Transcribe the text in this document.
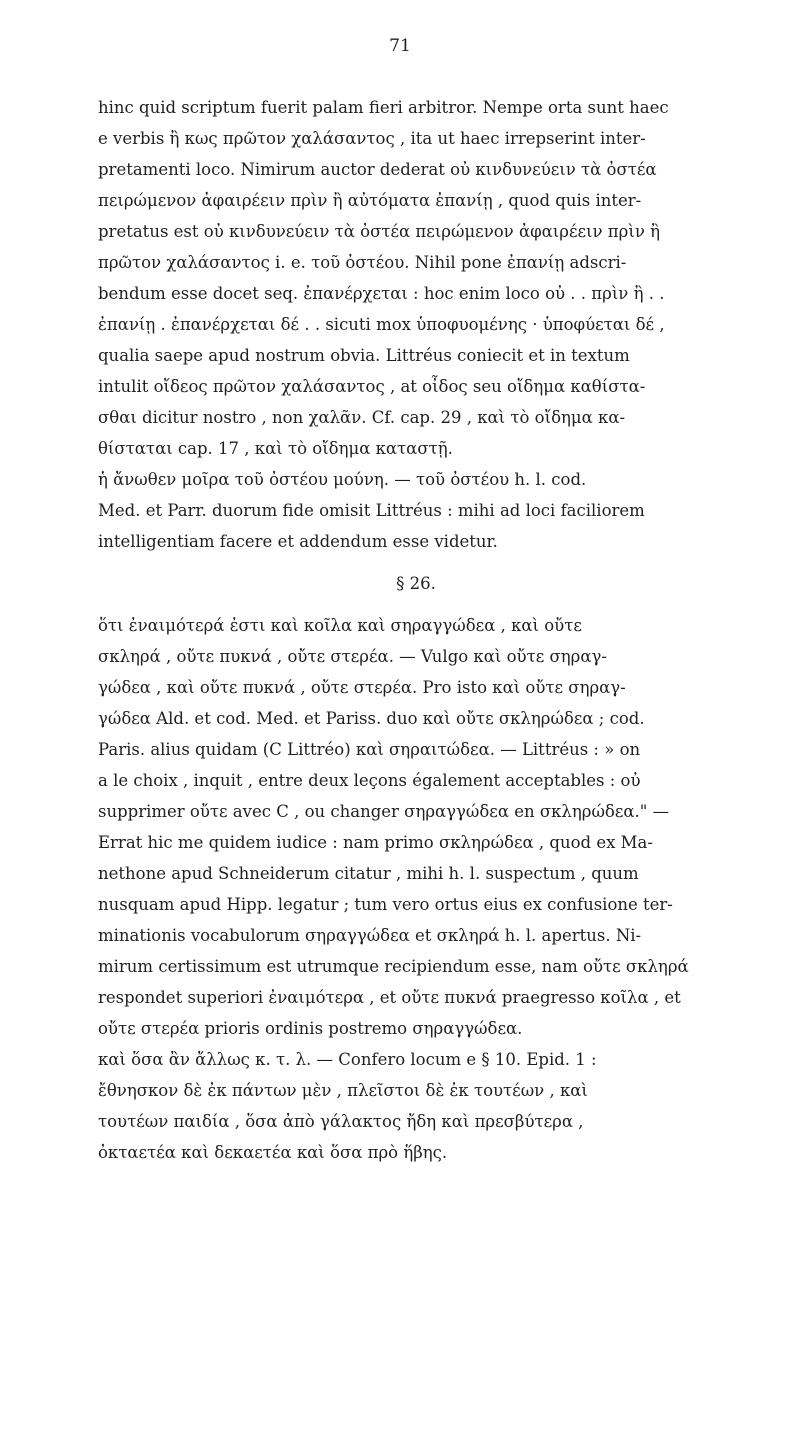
71
hinc quid scriptum fuerit palam fieri arbitror. Nempe orta sunt haec
e verbis ἢ κως πρῶτον χαλάσαντος , ita ut haec irrepserint inter-
pretamenti loco. Nimirum auctor dederat οὐ κινδυνεύειν τὰ ὀστέα
πειρώμενον ἀφαιρέειν πρὶν ἢ αὐτόματα ἐπανίῃ , quod quis inter-
pretatus est οὐ κινδυνεύειν τὰ ὀστέα πειρώμενον ἀφαιρέειν πρὶν ἢ
πρῶτον χαλάσαντος i. e. τοῦ ὀστέου. Nihil pone ἐπανίῃ adscri-
bendum esse docet seq. ἐπανέρχεται : hoc enim loco οὐ . . πρὶν ἢ . .
ἐπανίῃ . ἐπανέρχεται δέ . . sicuti mox ὑποφυομένης · ὑποφύεται δέ ,
qualia saepe apud nostrum obvia. Littréus coniecit et in textum
intulit οἴδεος πρῶτον χαλάσαντος , at οἶδος seu οἴδημα καθίστα-
σθαι dicitur nostro , non χαλᾶν. Cf. cap. 29 , καὶ τὸ οἴδημα κα-
θίσταται cap. 17 , καὶ τὸ οἴδημα καταστῇ.
ἡ ἄνωθεν μοῖρα τοῦ ὀστέου μούνη. — τοῦ ὀστέου h. l. cod.
Med. et Parr. duorum fide omisit Littréus : mihi ad loci faciliorem
intelligentiam facere et addendum esse videtur.
§ 26.
ὅτι ἐναιμότερά ἐστι καὶ κοῖλα καὶ σηραγγώδεα , καὶ οὔτε
σκληρά , οὔτε πυκνά , οὔτε στερέα. — Vulgo καὶ οὔτε σηραγ-
γώδεα , καὶ οὔτε πυκνά , οὔτε στερέα. Pro isto καὶ οὔτε σηραγ-
γώδεα Ald. et cod. Med. et Pariss. duo καὶ οὔτε σκληρώδεα ; cod.
Paris. alius quidam (C Littréo) καὶ σηραιτώδεα. — Littréus : » on
a le choix , inquit , entre deux leçons également acceptables : οὐ
supprimer οὔτε avec C , ou changer σηραγγώδεα en σκληρώδεα." —
Errat hic me quidem iudice : nam primo σκληρώδεα , quod ex Ma-
nethone apud Schneiderum citatur , mihi h. l. suspectum , quum
nusquam apud Hipp. legatur ; tum vero ortus eius ex confusione ter-
minationis vocabulorum σηραγγώδεα et σκληρά h. l. apertus. Ni-
mirum certissimum est utrumque recipiendum esse, nam οὔτε σκληρά
respondet superiori ἐναιμότερα , et οὔτε πυκνά praegresso κοῖλα , et
οὔτε στερέα prioris ordinis postremo σηραγγώδεα.
καὶ ὅσα ἂν ἄλλως κ. τ. λ. — Confero locum e § 10. Epid. 1 :
ἔθνησκον δὲ ἐκ πάντων μὲν , πλεῖστοι δὲ ἐκ τουτέων , καὶ
τουτέων παιδία , ὅσα ἀπὸ γάλακτος ἤδη καὶ πρεσβύτερα ,
ὀκταετέα καὶ δεκαετέα καὶ ὅσα πρὸ ἥβης.
